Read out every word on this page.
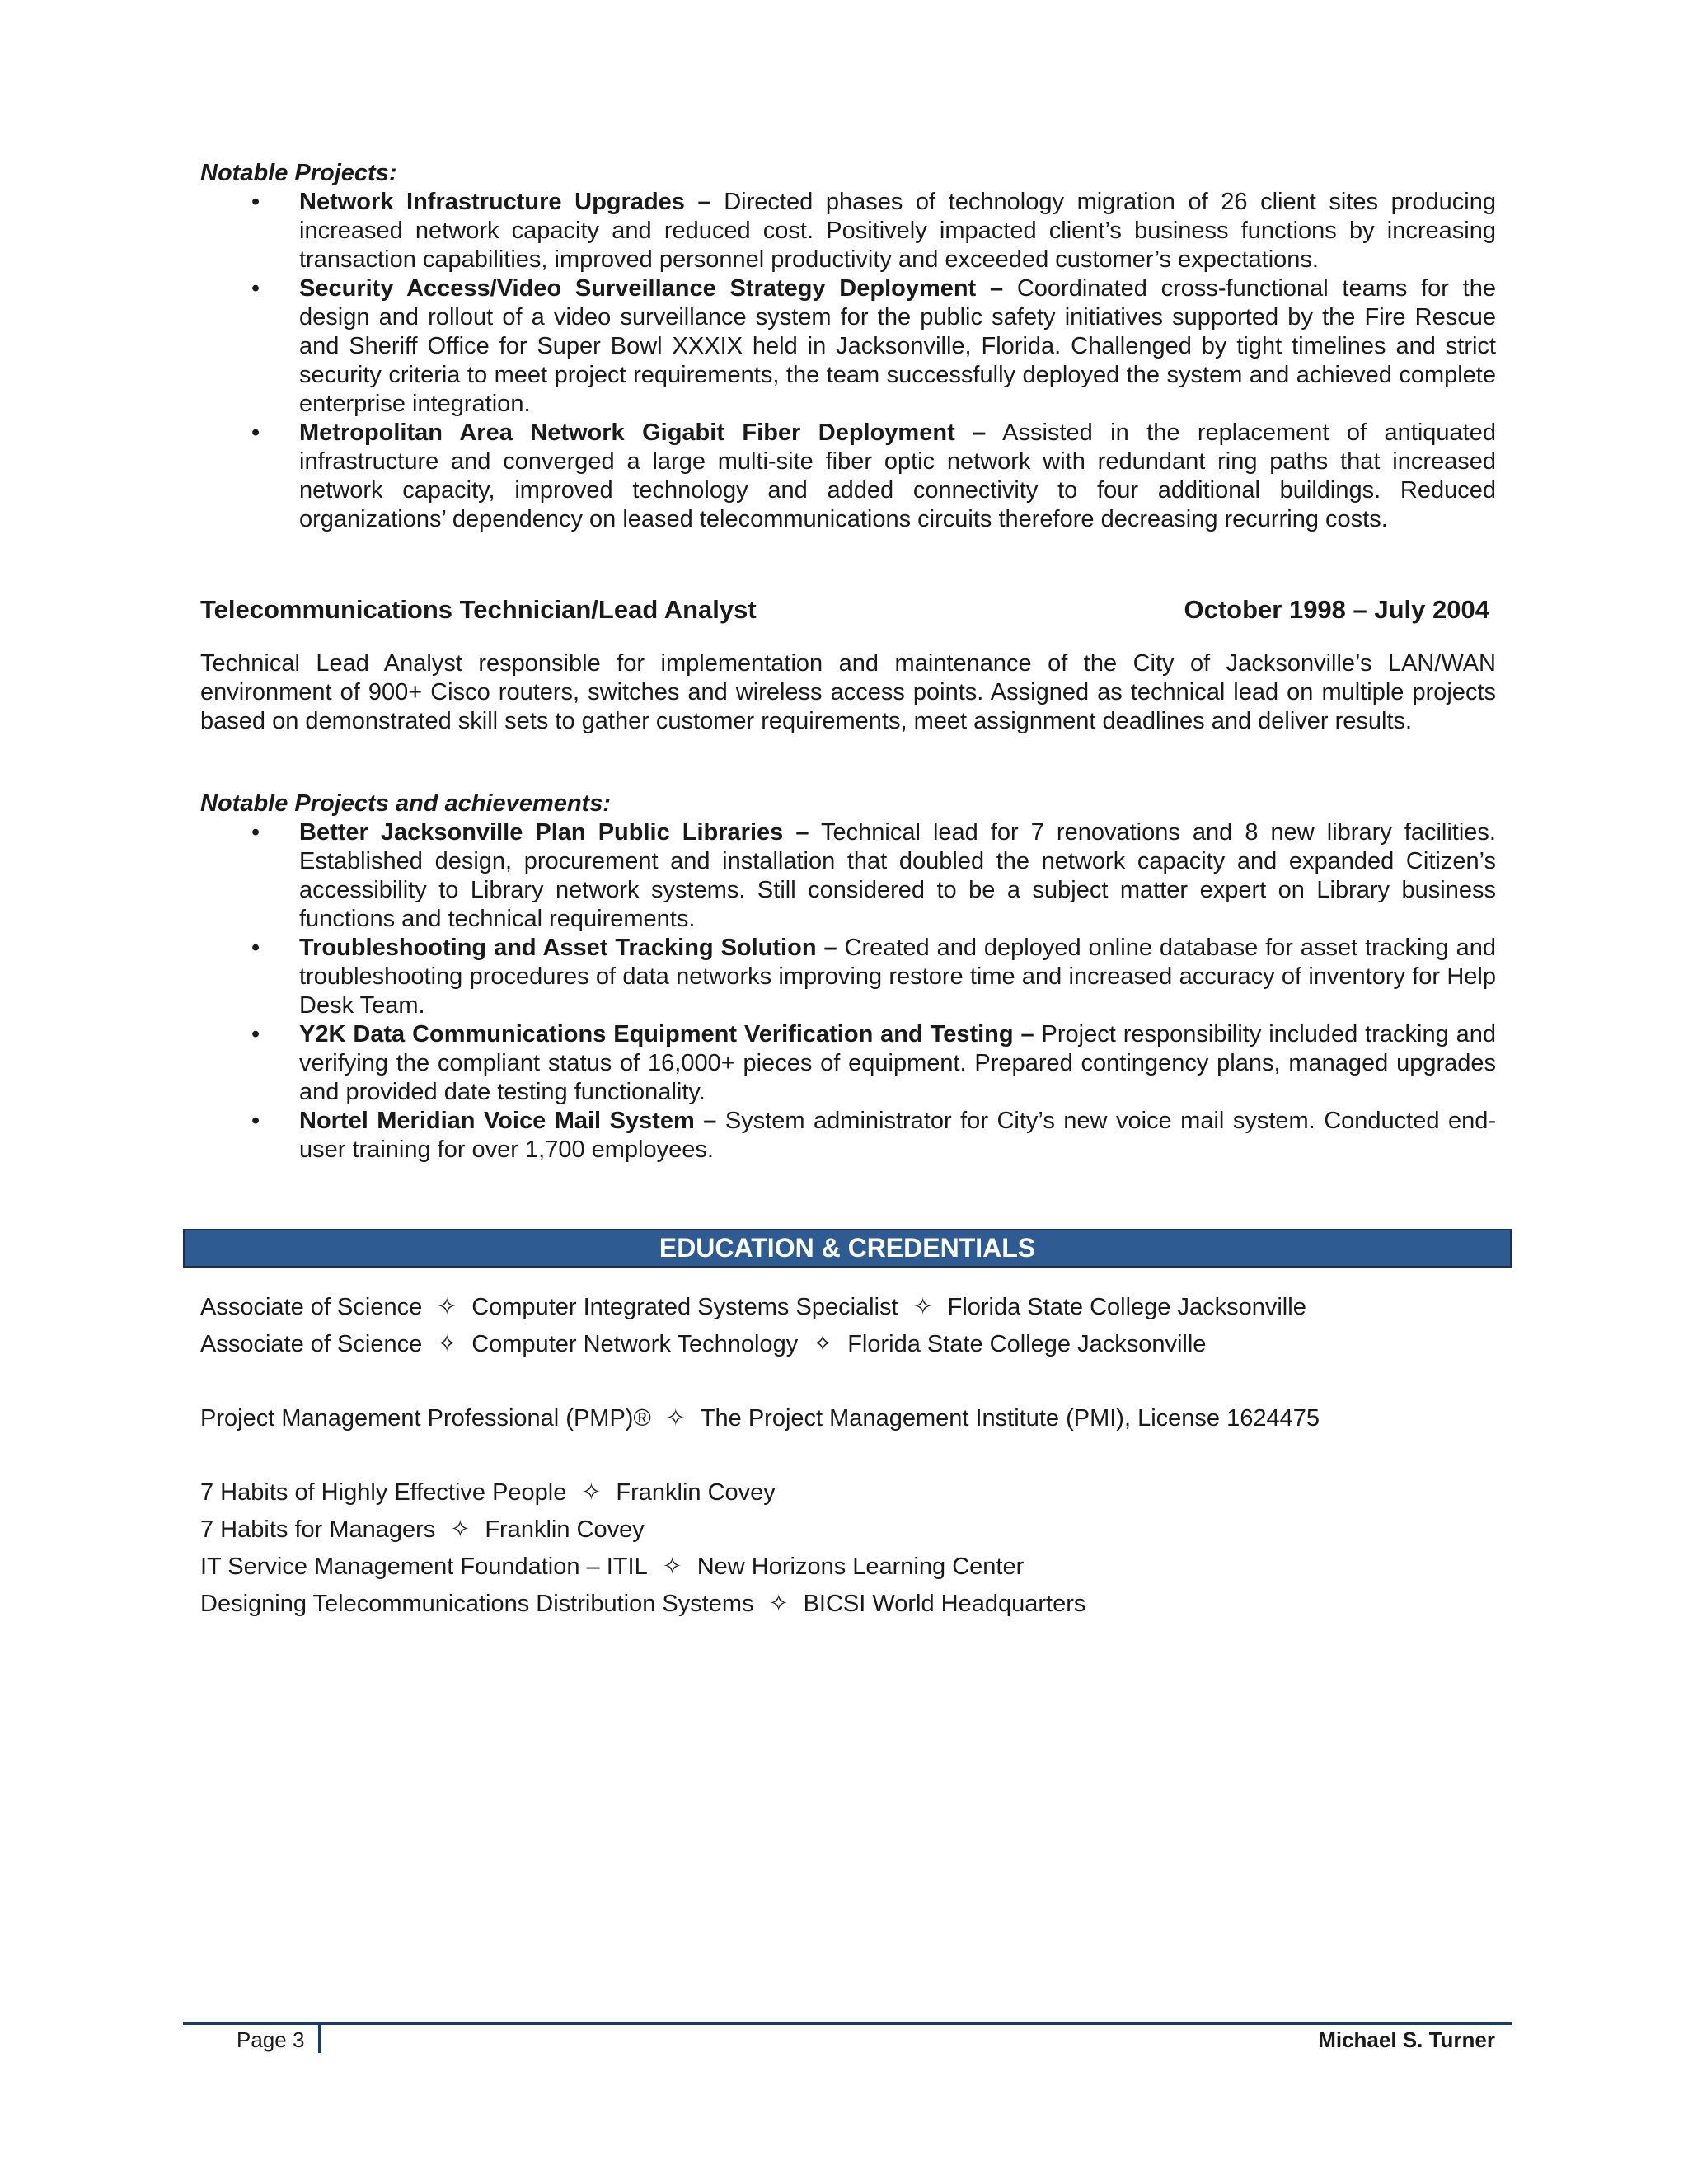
Notable Projects:

• Network Infrastructure Upgrades – Directed phases of technology migration of 26 client sites producing increased network capacity and reduced cost. Positively impacted client’s business functions by increasing transaction capabilities, improved personnel productivity and exceeded customer’s expectations.
• Security Access/Video Surveillance Strategy Deployment – Coordinated cross-functional teams for the design and rollout of a video surveillance system for the public safety initiatives supported by the Fire Rescue and Sheriff Office for Super Bowl XXXIX held in Jacksonville, Florida. Challenged by tight timelines and strict security criteria to meet project requirements, the team successfully deployed the system and achieved complete enterprise integration.
• Metropolitan Area Network Gigabit Fiber Deployment – Assisted in the replacement of antiquated infrastructure and converged a large multi-site fiber optic network with redundant ring paths that increased network capacity, improved technology and added connectivity to four additional buildings. Reduced organizations’ dependency on leased telecommunications circuits therefore decreasing recurring costs.
Telecommunications Technician/Lead Analyst	October 1998 – July 2004

Technical Lead Analyst responsible for implementation and maintenance of the City of Jacksonville’s LAN/WAN environment of 900+ Cisco routers, switches and wireless access points. Assigned as technical lead on multiple projects based on demonstrated skill sets to gather customer requirements, meet assignment deadlines and deliver results.

Notable Projects and achievements:

• Better Jacksonville Plan Public Libraries – Technical lead for 7 renovations and 8 new library facilities. Established design, procurement and installation that doubled the network capacity and expanded Citizen’s accessibility to Library network systems. Still considered to be a subject matter expert on Library business functions and technical requirements.
• Troubleshooting and Asset Tracking Solution – Created and deployed online database for asset tracking and troubleshooting procedures of data networks improving restore time and increased accuracy of inventory for Help Desk Team.
• Y2K Data Communications Equipment Verification and Testing – Project responsibility included tracking and verifying the compliant status of 16,000+ pieces of equipment. Prepared contingency plans, managed upgrades and provided date testing functionality.
• Nortel Meridian Voice Mail System – System administrator for City’s new voice mail system. Conducted end-user training for over 1,700 employees.
EDUCATION & CREDENTIALS
Associate of Science ✧ Computer Integrated Systems Specialist ✧ Florida State College Jacksonville
Associate of Science ✧ Computer Network Technology ✧ Florida State College Jacksonville
Project Management Professional (PMP)® ✧ The Project Management Institute (PMI), License 1624475
7 Habits of Highly Effective People ✧ Franklin Covey
7 Habits for Managers ✧ Franklin Covey
IT Service Management Foundation – ITIL ✧ New Horizons Learning Center
Designing Telecommunications Distribution Systems ✧ BICSI World Headquarters
Page 3	Michael S. Turner
